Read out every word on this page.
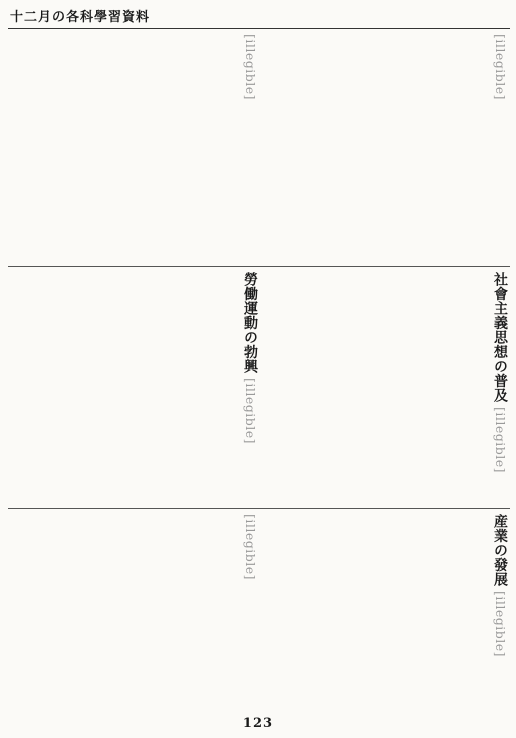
十二月の各科學習資料
[illegible]
[illegible]
社會主義思想の普及 [illegible]
勞働運動の勃興 [illegible]
産業の發展 [illegible]
[illegible]
123
